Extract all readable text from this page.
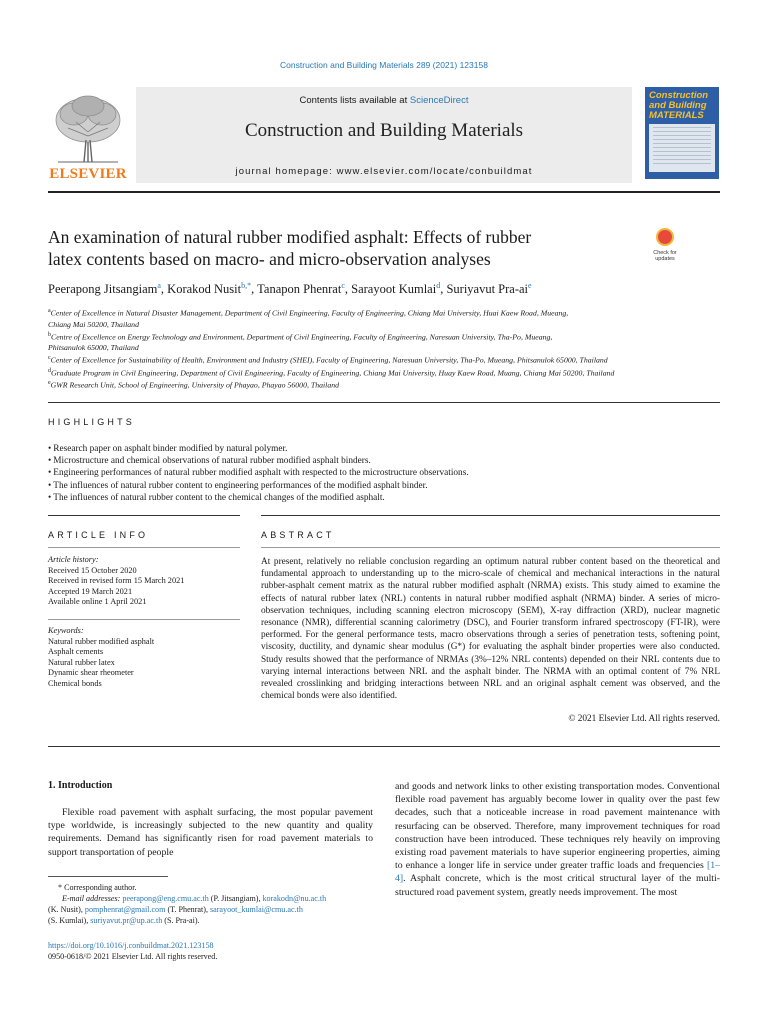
Construction and Building Materials 289 (2021) 123158
ELSEVIER
Contents lists available at ScienceDirect
Construction and Building Materials
journal homepage: www.elsevier.com/locate/conbuildmat
Construction and Building MATERIALS
An examination of natural rubber modified asphalt: Effects of rubber
latex contents based on macro- and micro-observation analyses	Check for updates
Peerapong Jitsangiam$^a$, Korakod Nusit$^{b,*}$, Tanapon Phenrat$^c$, Sarayoot Kumlai$^d$, Suriyavut Pra-$ai^e$
$^a$Center of Excellence in Natural Disaster Management, Department of Civil Engineering, Faculty of Engineering, Chiang Mai University, Huai Kaew Road, Mueang,
Chiang Mai 50200, Thailand
$^b$Centre of Excellence on Energy Technology and Environment, Department of Civil Engineering, Faculty of Engineering, Naresuan University, Tha-Po, Mueang,
Phitsanulok 65000, Thailand
$^c$Center of Excellence for Sustainability of Health, Environment and Industry (SHEI), Faculty of Engineering, Naresuan University, Tha-Po, Mueang, Phitsanulok 65000, Thailand
$^d$Graduate Program in Civil Engineering, Department of Civil Engineering, Faculty of Engineering, Chiang Mai University, Huay Kaew Road, Muang, Chiang Mai 50200, Thailand
$^e$GWR Research Unit, School of Engineering, University of Phayao, Phayao 56000, Thailand
HIGHLIGHTS
• Research paper on asphalt binder modified by natural polymer.
• Microstructure and chemical observations of natural rubber modified asphalt binders.
• Engineering performances of natural rubber modified asphalt with respected to the microstructure observations.
• The influences of natural rubber content to engineering performances of the modified asphalt binder.
• The influences of natural rubber content to the chemical changes of the modified asphalt.
ARTICLE INFO	ABSTRACT
Article history:
Received 15 October 2020
Received in revised form 15 March 2021
Accepted 19 March 2021
Available online 1 April 2021
Keywords:
Natural rubber modified asphalt
Asphalt cements
Natural rubber latex
Dynamic shear rheometer
Chemical bonds
At present, relatively no reliable conclusion regarding an optimum natural rubber content based on the theoretical and fundamental approach to understanding up to the micro-scale of chemical and mechanical interactions in the natural rubber-asphalt cement matrix as the natural rubber modified asphalt (NRMA) exists. This study aimed to examine the effects of natural rubber latex (NRL) contents in natural rubber modified asphalt (NRMA) binder. A series of micro-observation techniques, including scanning electron microscopy (SEM), X-ray diffraction (XRD), nuclear magnetic resonance (NMR), differential scanning calorimetry (DSC), and Fourier transform infrared spectroscopy (FT-IR), were performed. For the general performance tests, macro observations through a series of penetration tests, softening point, viscosity, ductility, and dynamic shear modulus (G*) for evaluating the asphalt binder properties were also conducted. Study results showed that the performance of NRMAs (3%–12% NRL contents) depended on their NRL contents due to varying internal interactions between NRL and the asphalt binder. The NRMA with an optimal content of 7% NRL revealed crosslinking and bridging interactions between NRL and an original asphalt cement was observed, and the chemical bonds were also identified.
© 2021 Elsevier Ltd. All rights reserved.
1. Introduction
Flexible road pavement with asphalt surfacing, the most popular pavement type worldwide, is increasingly subjected to the new quantity and quality requirements. Demand has significantly risen for road pavement materials to support transportation of people
and goods and network links to other existing transportation modes. Conventional flexible road pavement has arguably become lower in quality over the past few decades, such that a noticeable increase in road pavement maintenance with resurfacing can be observed. Therefore, many improvement techniques for road construction have been introduced. These techniques rely heavily on improving existing road pavement materials to have superior engineering properties, aiming to enhance a longer life in service under greater traffic loads and frequencies [1–4]. Asphalt concrete, which is the most critical structural layer of the multi-structured road pavement system, greatly needs improvement. The most
* Corresponding author.
E-mail addresses: peerapong@eng.cmu.ac.th (P. Jitsangiam), korakodn@nu.ac.th
(K. Nusit), pomphenrat@gmail.com (T. Phenrat), sarayoot_kumlai@cmu.ac.th
(S. Kumlai), suriyavut.pr@up.ac.th (S. Pra-ai).
https://doi.org/10.1016/j.conbuildmat.2021.123158
0950-0618/© 2021 Elsevier Ltd. All rights reserved.
